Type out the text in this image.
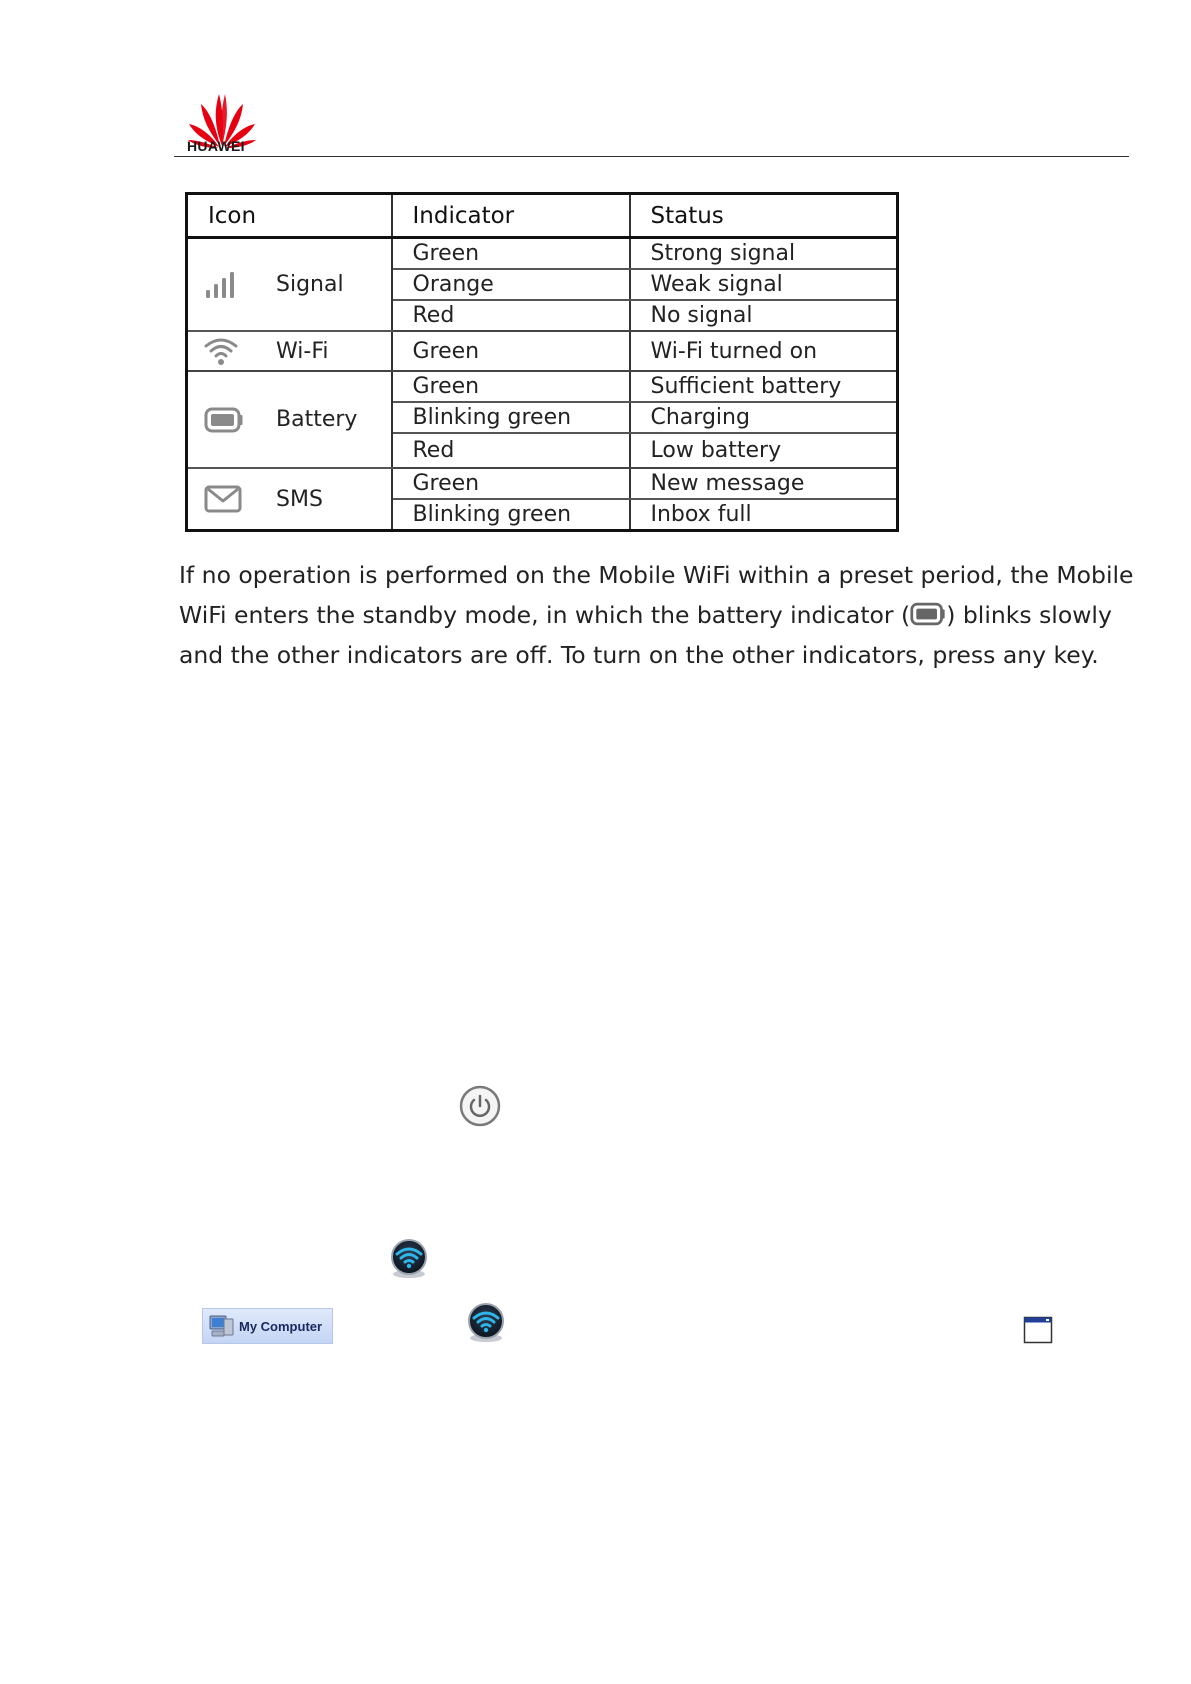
HUAWEI
Icon	Indicator	Status

Signal	Green	Strong signal
	Orange	Weak signal
	Red	No signal

Wi-Fi	Green	Wi-Fi turned on

Battery	Green	Sufficient battery
	Blinking green	Charging
	Red	Low battery

SMS	Green	New message
	Blinking green	Inbox full
If no operation is performed on the Mobile WiFi within a preset period, the Mobile WiFi enters the standby mode, in which the battery indicator ( ) blinks slowly and the other indicators are off. To turn on the other indicators, press any key.
My Computer
